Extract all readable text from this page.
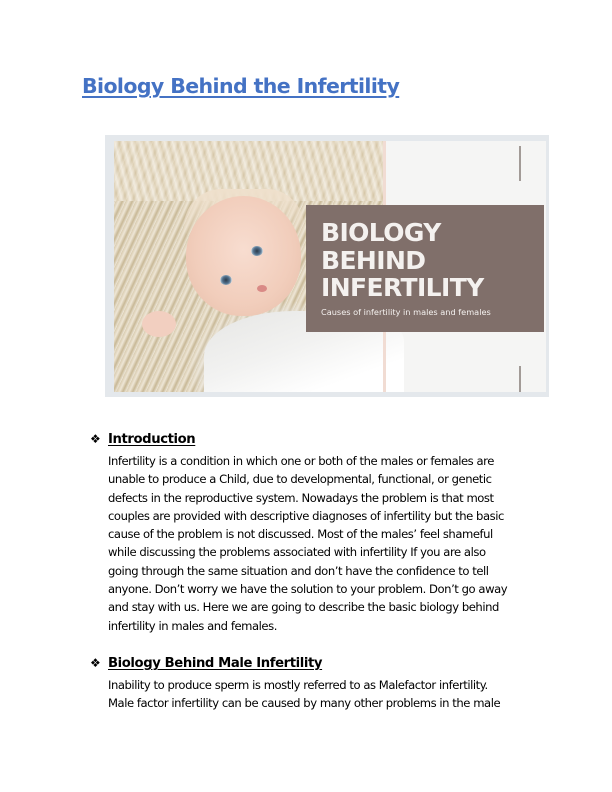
Biology Behind the Infertility
BIOLOGY
BEHIND
INFERTILITY
Causes of infertility in males and females
❖ Introduction
Infertility is a condition in which one or both of the males or females are
unable to produce a Child, due to developmental, functional, or genetic
defects in the reproductive system. Nowadays the problem is that most
couples are provided with descriptive diagnoses of infertility but the basic
cause of the problem is not discussed. Most of the males’ feel shameful
while discussing the problems associated with infertility If you are also
going through the same situation and don’t have the confidence to tell
anyone. Don’t worry we have the solution to your problem. Don’t go away
and stay with us. Here we are going to describe the basic biology behind
infertility in males and females.
❖ Biology Behind Male Infertility
Inability to produce sperm is mostly referred to as Malefactor infertility.
Male factor infertility can be caused by many other problems in the male
